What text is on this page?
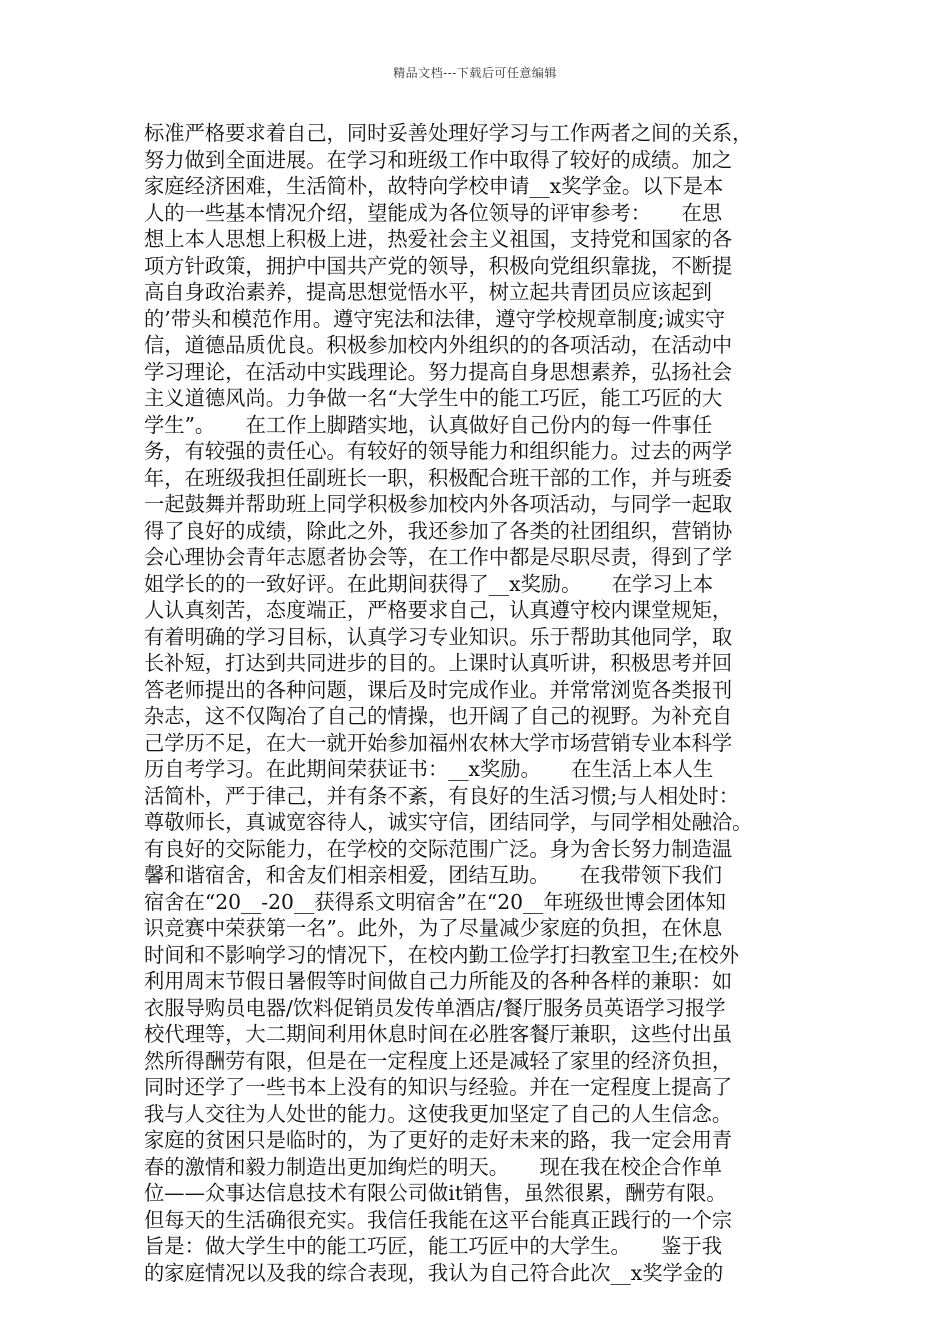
精品文档---下载后可任意编辑
标准严格要求着自己，同时妥善处理好学习与工作两者之间的关系，
努力做到全面进展。在学习和班级工作中取得了较好的成绩。加之
家庭经济困难，生活简朴，故特向学校申请__x奖学金。以下是本
人的一些基本情况介绍，望能成为各位领导的评审参考：　　在思
想上本人思想上积极上进，热爱社会主义祖国，支持党和国家的各
项方针政策，拥护中国共产党的领导，积极向党组织靠拢，不断提
高自身政治素养，提高思想觉悟水平，树立起共青团员应该起到
的’带头和模范作用。遵守宪法和法律，遵守学校规章制度;诚实守
信，道德品质优良。积极参加校内外组织的的各项活动，在活动中
学习理论，在活动中实践理论。努力提高自身思想素养，弘扬社会
主义道德风尚。力争做一名“大学生中的能工巧匠，能工巧匠的大
学生”。　　在工作上脚踏实地，认真做好自己份内的每一件事任
务，有较强的责任心。有较好的领导能力和组织能力。过去的两学
年，在班级我担任副班长一职，积极配合班干部的工作，并与班委
一起鼓舞并帮助班上同学积极参加校内外各项活动，与同学一起取
得了良好的成绩，除此之外，我还参加了各类的社团组织，营销协
会心理协会青年志愿者协会等，在工作中都是尽职尽责，得到了学
姐学长的的一致好评。在此期间获得了__x奖励。　　在学习上本
人认真刻苦，态度端正，严格要求自己，认真遵守校内课堂规矩，
有着明确的学习目标，认真学习专业知识。乐于帮助其他同学，取
长补短，打达到共同进步的目的。上课时认真听讲，积极思考并回
答老师提出的各种问题，课后及时完成作业。并常常浏览各类报刊
杂志，这不仅陶冶了自己的情操，也开阔了自己的视野。为补充自
己学历不足，在大一就开始参加福州农林大学市场营销专业本科学
历自考学习。在此期间荣获证书：__x奖励。　　在生活上本人生
活简朴，严于律己，并有条不紊，有良好的生活习惯;与人相处时：
尊敬师长，真诚宽容待人，诚实守信，团结同学，与同学相处融洽。
有良好的交际能力，在学校的交际范围广泛。身为舍长努力制造温
馨和谐宿舍，和舍友们相亲相爱，团结互助。　　在我带领下我们
宿舍在“20__-20__获得系文明宿舍”在“20__年班级世博会团体知
识竞赛中荣获第一名”。此外，为了尽量减少家庭的负担，在休息
时间和不影响学习的情况下，在校内勤工俭学打扫教室卫生;在校外
利用周末节假日暑假等时间做自己力所能及的各种各样的兼职：如
衣服导购员电器/饮料促销员发传单酒店/餐厅服务员英语学习报学
校代理等，大二期间利用休息时间在必胜客餐厅兼职，这些付出虽
然所得酬劳有限，但是在一定程度上还是减轻了家里的经济负担，
同时还学了一些书本上没有的知识与经验。并在一定程度上提高了
我与人交往为人处世的能力。这使我更加坚定了自己的人生信念。
家庭的贫困只是临时的，为了更好的走好未来的路，我一定会用青
春的激情和毅力制造出更加绚烂的明天。　　现在我在校企合作单
位——众事达信息技术有限公司做it销售，虽然很累，酬劳有限。
但每天的生活确很充实。我信任我能在这平台能真正践行的一个宗
旨是：做大学生中的能工巧匠，能工巧匠中的大学生。　　鉴于我
的家庭情况以及我的综合表现，我认为自己符合此次__x奖学金的
